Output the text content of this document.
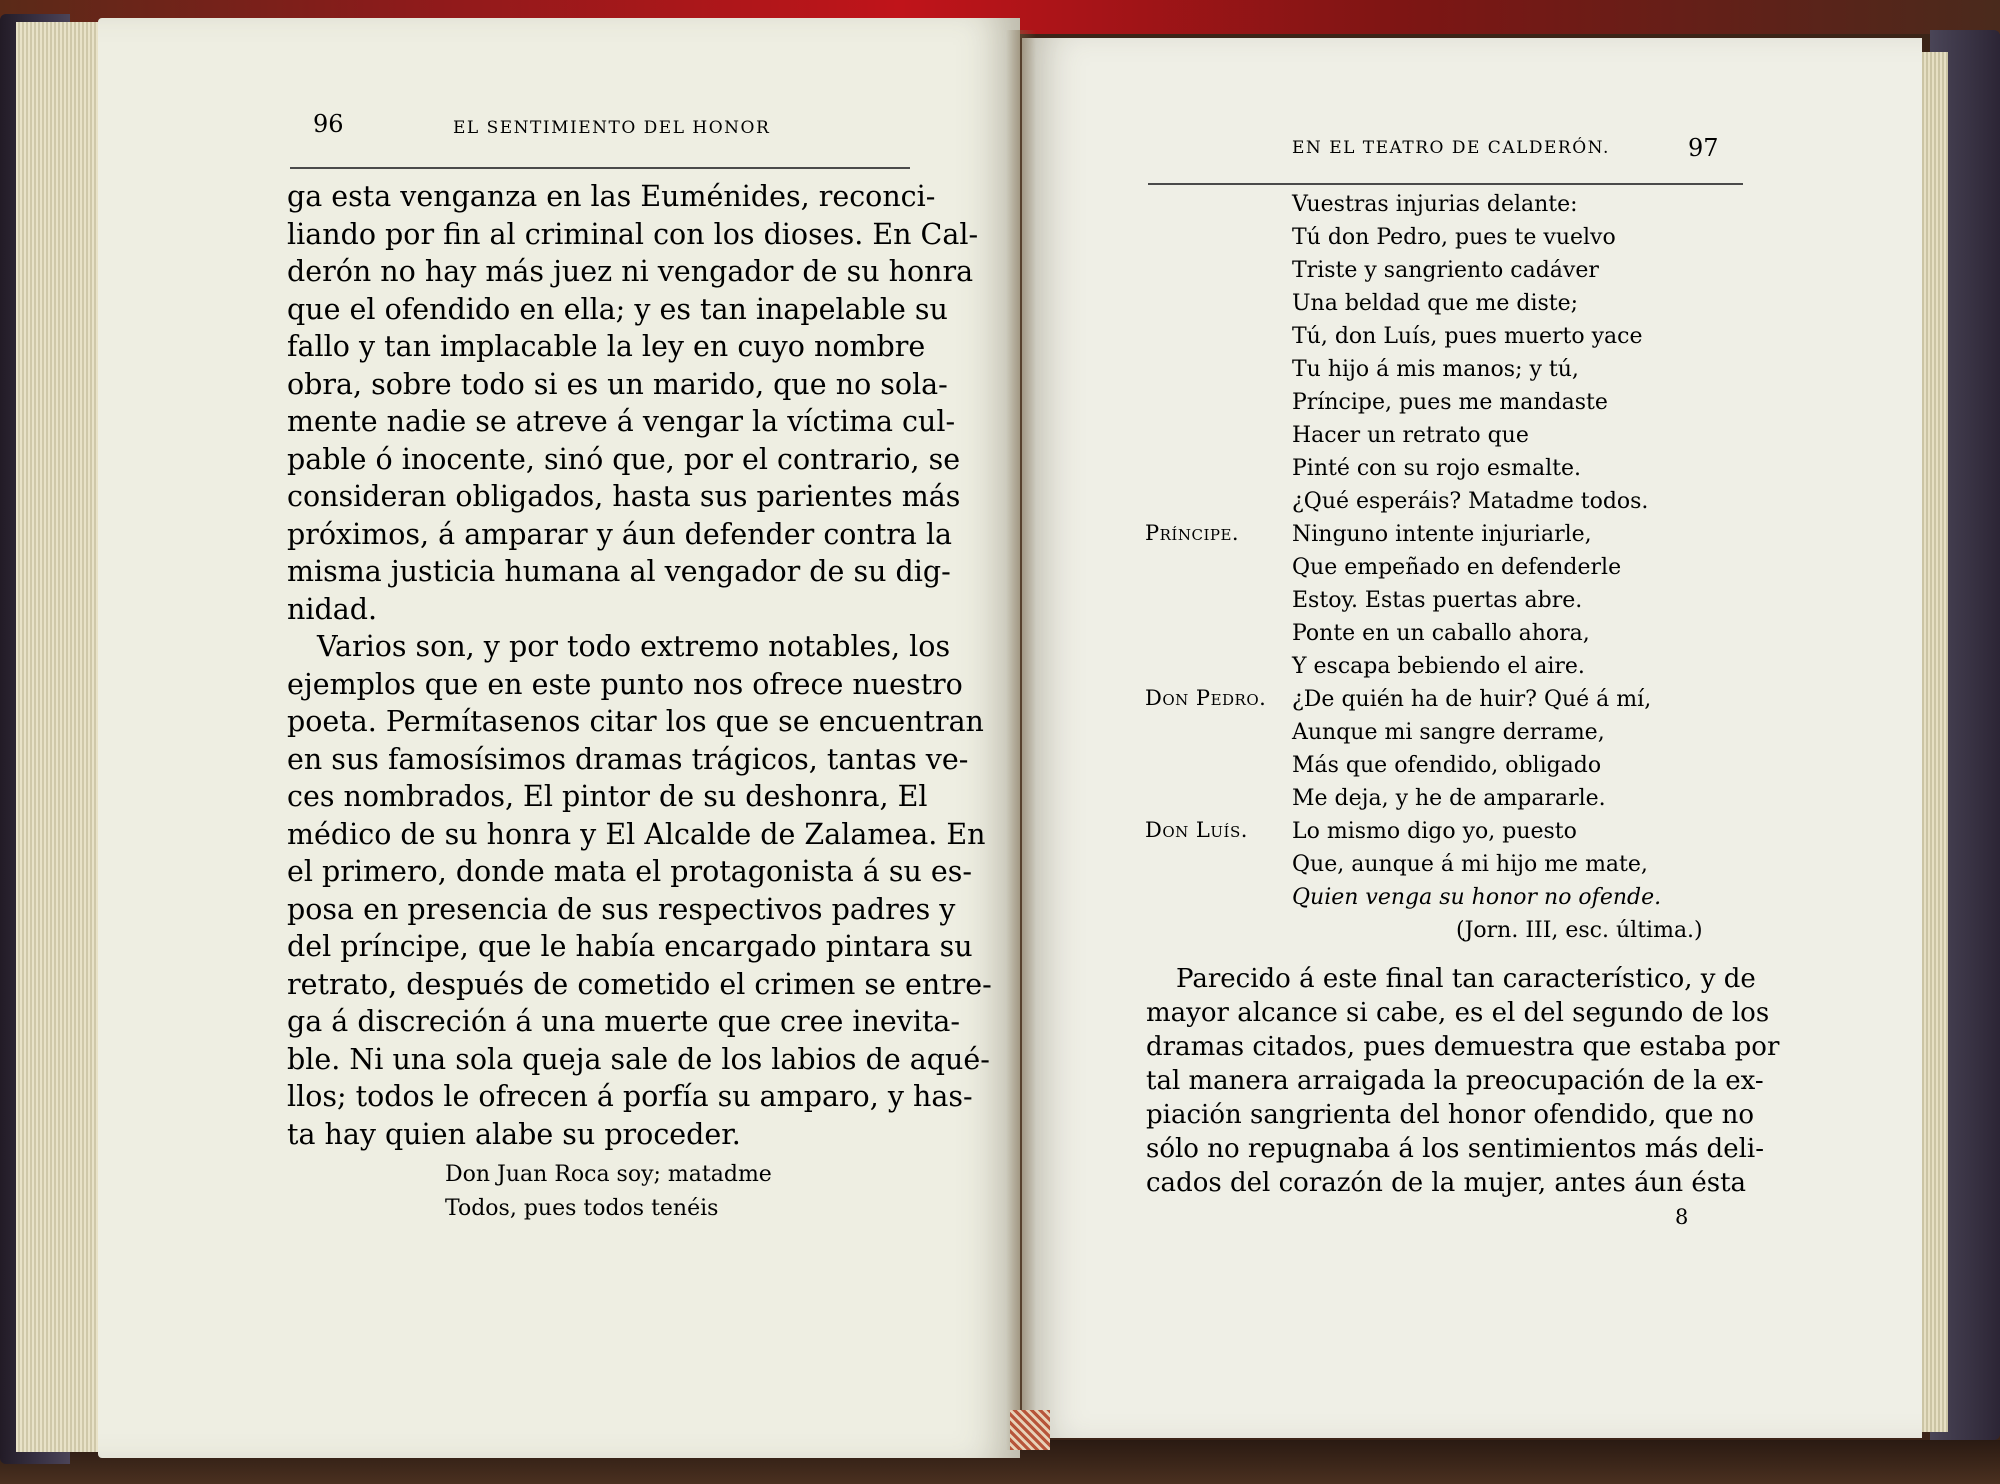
96	EL SENTIMIENTO DEL HONOR
ga esta venganza en las Euménides, reconci-
liando por fin al criminal con los dioses. En Cal-
derón no hay más juez ni vengador de su honra
que el ofendido en ella; y es tan inapelable su
fallo y tan implacable la ley en cuyo nombre
obra, sobre todo si es un marido, que no sola-
mente nadie se atreve á vengar la víctima cul-
pable ó inocente, sinó que, por el contrario, se
consideran obligados, hasta sus parientes más
próximos, á amparar y áun defender contra la
misma justicia humana al vengador de su dig-
nidad.
Varios son, y por todo extremo notables, los
ejemplos que en este punto nos ofrece nuestro
poeta. Permítasenos citar los que se encuentran
en sus famosísimos dramas trágicos, tantas ve-
ces nombrados, El pintor de su deshonra, El
médico de su honra y El Alcalde de Zalamea. En
el primero, donde mata el protagonista á su es-
posa en presencia de sus respectivos padres y
del príncipe, que le había encargado pintara su
retrato, después de cometido el crimen se entre-
ga á discreción á una muerte que cree inevita-
ble. Ni una sola queja sale de los labios de aqué-
llos; todos le ofrecen á porfía su amparo, y has-
ta hay quien alabe su proceder.
Don Juan Roca soy; matadme
Todos, pues todos tenéis
EN EL TEATRO DE CALDERÓN.	97
Vuestras injurias delante:
Tú don Pedro, pues te vuelvo
Triste y sangriento cadáver
Una beldad que me diste;
Tú, don Luís, pues muerto yace
Tu hijo á mis manos; y tú,
Príncipe, pues me mandaste
Hacer un retrato que
Pinté con su rojo esmalte.
¿Qué esperáis? Matadme todos.
Ninguno intente injuriarle,
Que empeñado en defenderle
Estoy. Estas puertas abre.
Ponte en un caballo ahora,
Y escapa bebiendo el aire.
¿De quién ha de huir? Qué á mí,
Aunque mi sangre derrame,
Más que ofendido, obligado
Me deja, y he de ampararle.
Lo mismo digo yo, puesto
Que, aunque á mi hijo me mate,
Quien venga su honor no ofende.
Príncipe.
Don Pedro.
Don Luís.
(Jorn. III, esc. última.)
Parecido á este final tan característico, y de
mayor alcance si cabe, es el del segundo de los
dramas citados, pues demuestra que estaba por
tal manera arraigada la preocupación de la ex-
piación sangrienta del honor ofendido, que no
sólo no repugnaba á los sentimientos más deli-
cados del corazón de la mujer, antes áun ésta
8
